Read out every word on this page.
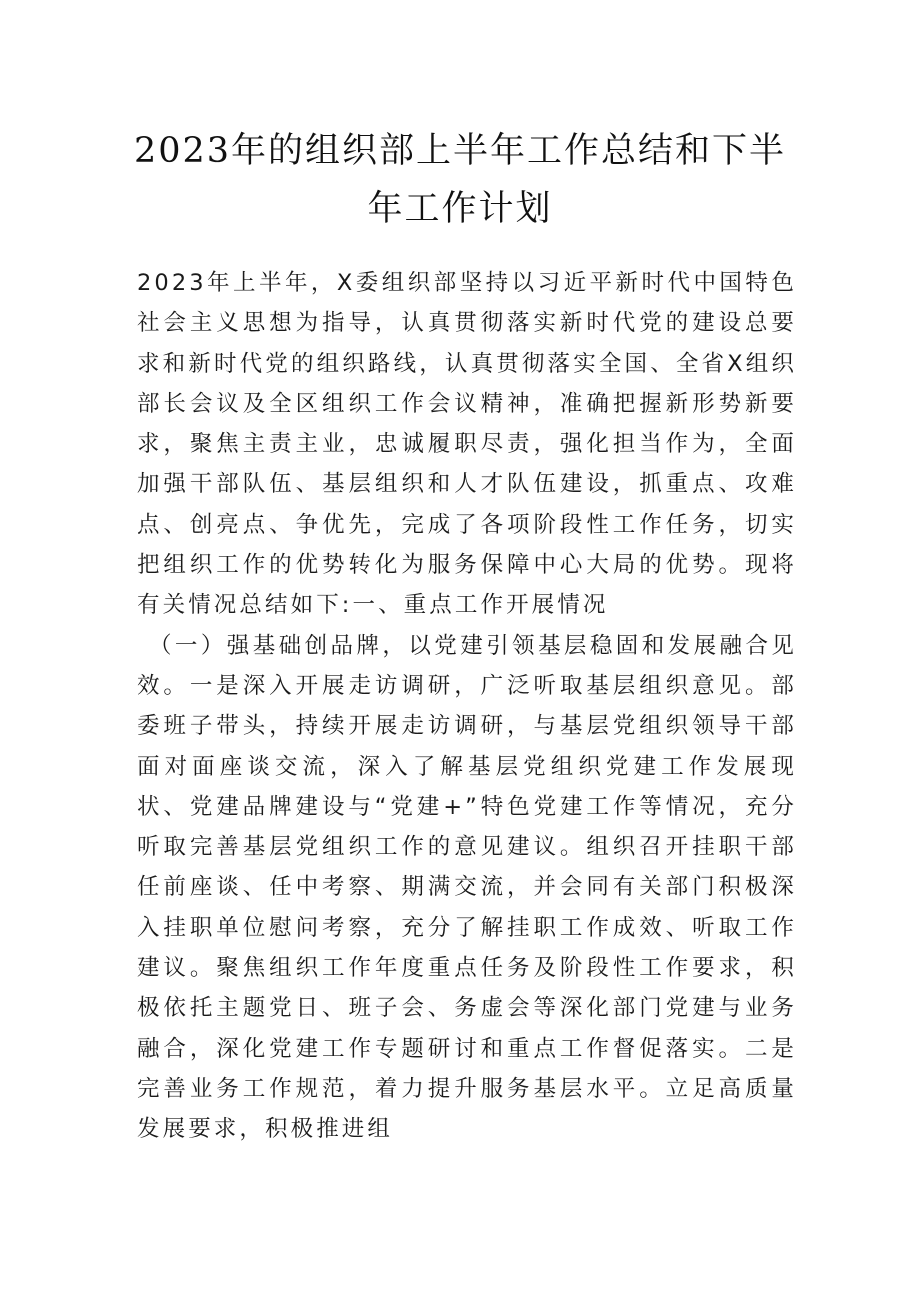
2023年的组织部上半年工作总结和下半年工作计划

2023年上半年，X委组织部坚持以习近平新时代中国特色社会主义思想为指导，认真贯彻落实新时代党的建设总要求和新时代党的组织路线，认真贯彻落实全国、全省X组织部长会议及全区组织工作会议精神，准确把握新形势新要求，聚焦主责主业，忠诚履职尽责，强化担当作为，全面加强干部队伍、基层组织和人才队伍建设，抓重点、攻难点、创亮点、争优先，完成了各项阶段性工作任务，切实把组织工作的优势转化为服务保障中心大局的优势。现将有关情况总结如下:一、重点工作开展情况

（一）强基础创品牌，以党建引领基层稳固和发展融合见效。一是深入开展走访调研，广泛听取基层组织意见。部委班子带头，持续开展走访调研，与基层党组织领导干部面对面座谈交流，深入了解基层党组织党建工作发展现状、党建品牌建设与“党建+”特色党建工作等情况，充分听取完善基层党组织工作的意见建议。组织召开挂职干部任前座谈、任中考察、期满交流，并会同有关部门积极深入挂职单位慰问考察，充分了解挂职工作成效、听取工作建议。聚焦组织工作年度重点任务及阶段性工作要求，积极依托主题党日、班子会、务虚会等深化部门党建与业务融合，深化党建工作专题研讨和重点工作督促落实。二是完善业务工作规范，着力提升服务基层水平。立足高质量发展要求，积极推进组
